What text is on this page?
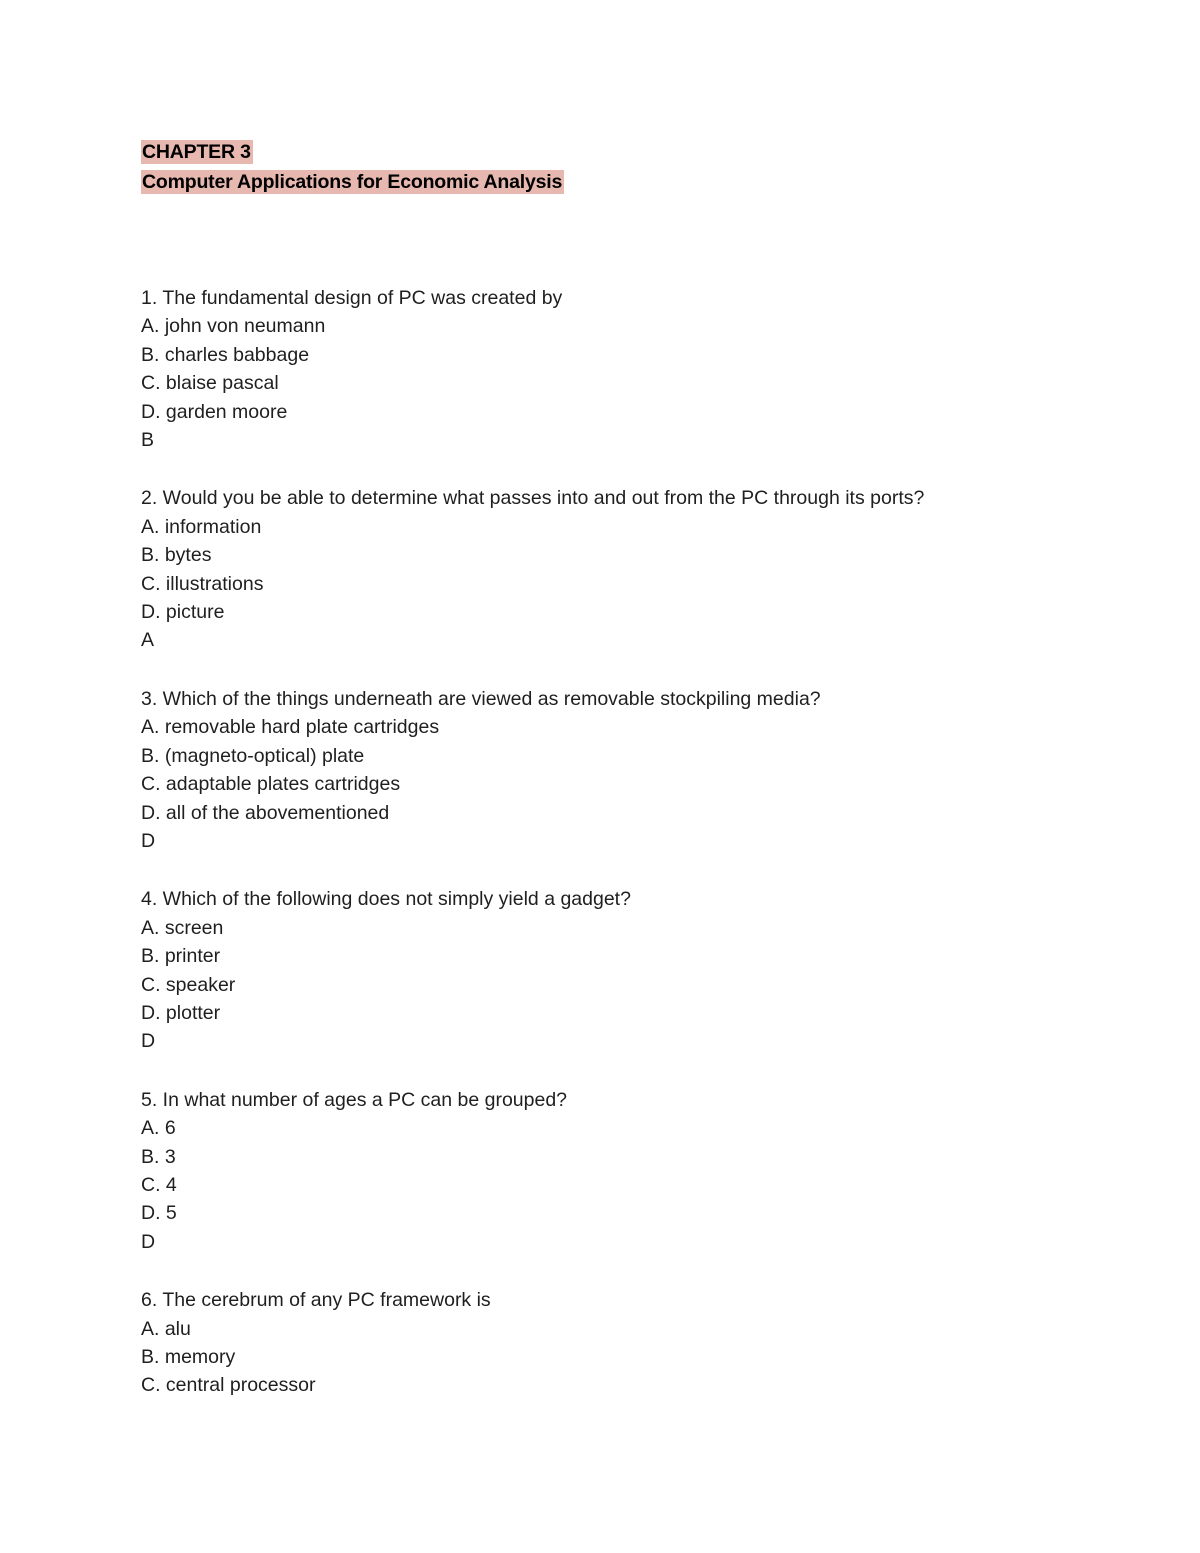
CHAPTER 3
Computer Applications for Economic Analysis
1. The fundamental design of PC was created by
A. john von neumann
B. charles babbage
C. blaise pascal
D. garden moore
B
2. Would you be able to determine what passes into and out from the PC through its ports?
A. information
B. bytes
C. illustrations
D. picture
A
3. Which of the things underneath are viewed as removable stockpiling media?
A. removable hard plate cartridges
B. (magneto-optical) plate
C. adaptable plates cartridges
D. all of the abovementioned
D
4. Which of the following does not simply yield a gadget?
A. screen
B. printer
C. speaker
D. plotter
D
5. In what number of ages a PC can be grouped?
A. 6
B. 3
C. 4
D. 5
D
6. The cerebrum of any PC framework is
A. alu
B. memory
C. central processor
